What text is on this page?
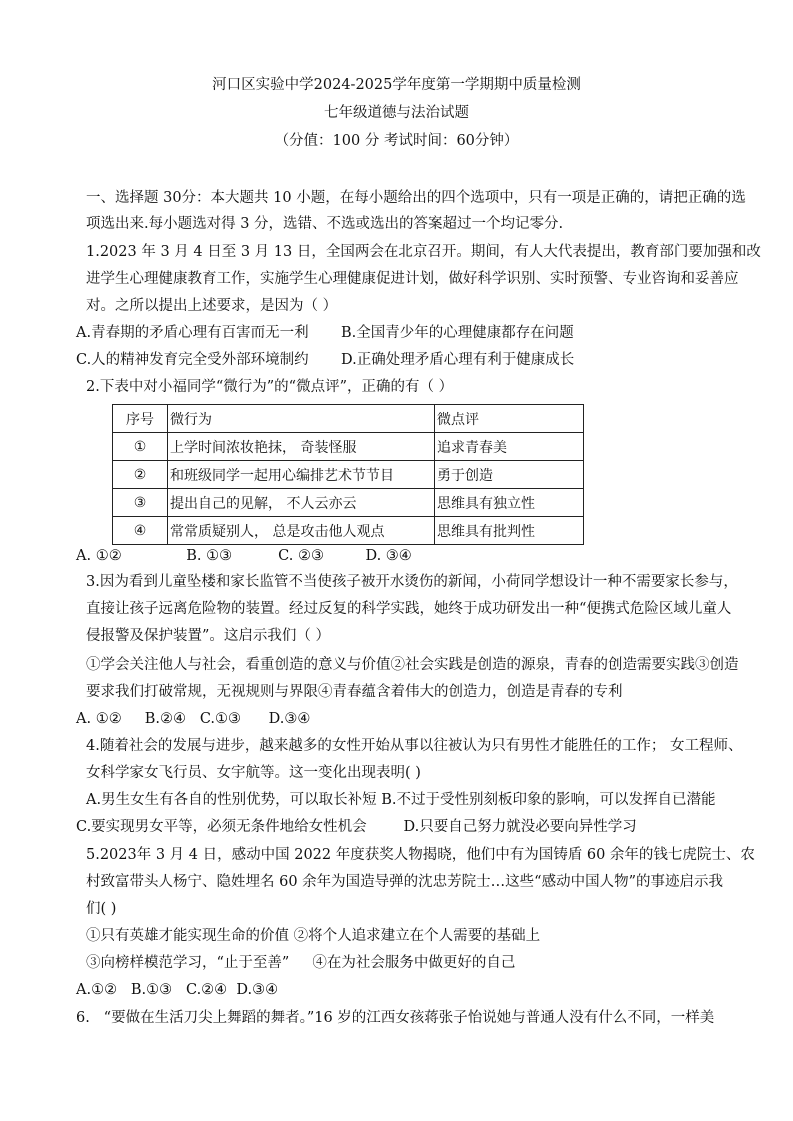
河口区实验中学2024-2025学年度第一学期期中质量检测
七年级道德与法治试题
（分值：100 分 考试时间：60分钟）
一、选择题 30分：本大题共 10 小题，在每小题给出的四个选项中，只有一项是正确的，请把正确的选
项选出来.每小题选对得 3 分，选错、不选或选出的答案超过一个均记零分.
1.2023 年 3 月 4 日至 3 月 13 日，全国两会在北京召开。期间，有人大代表提出，教育部门要加强和改
进学生心理健康教育工作，实施学生心理健康促进计划，做好科学识别、实时预警、专业咨询和妥善应
对。之所以提出上述要求，是因为（ ）
A.青春期的矛盾心理有百害而无一利 B.全国青少年的心理健康都存在问题
C.人的精神发育完全受外部环境制约 D.正确处理矛盾心理有利于健康成长
2.下表中对小福同学“微行为”的“微点评”，正确的有（ ）
序号	微行为	微点评
①	上学时间浓妆艳抹， 奇装怪服	追求青春美
②	和班级同学一起用心编排艺术节节目	勇于创造
③	提出自己的见解， 不人云亦云	思维具有独立性
④	常常质疑别人， 总是攻击他人观点	思维具有批判性
A. ①②              B. ①③          C. ②③         D. ③④
3.因为看到儿童坠楼和家长监管不当使孩子被开水烫伤的新闻，小荷同学想设计一种不需要家长参与，
直接让孩子远离危险物的装置。经过反复的科学实践，她终于成功研发出一种“便携式危险区域儿童人
侵报警及保护装置”。这启示我们（ ）
①学会关注他人与社会，看重创造的意义与价值②社会实践是创造的源泉，青春的创造需要实践③创造
要求我们打破常规，无视规则与界限④青春蕴含着伟大的创造力，创造是青春的专利
A. ①②     B.②④   C.①③      D.③④
4.随着社会的发展与进步，越来越多的女性开始从事以往被认为只有男性才能胜任的工作； 女工程师、
女科学家女飞行员、女宇航等。这一变化出现表明( )
A.男生女生有各自的性别优势，可以取长补短 B.不过于受性别刻板印象的影响，可以发挥自已潜能
C.要实现男女平等，必须无条件地给女性机会        D.只要自己努力就没必要向异性学习
5.2023年 3 月 4 日，感动中国 2022 年度获奖人物揭晓，他们中有为国铸盾 60 余年的钱七虎院士、农
村致富带头人杨宁、隐姓埋名 60 余年为国造导弹的沈忠芳院士…这些“感动中国人物”的事迹启示我
们( )
①只有英雄才能实现生命的价值 ②将个人追求建立在个人需要的基础上
③向榜样模范学习，“止于至善”     ④在为社会服务中做更好的自己
A.①②   B.①③   C.②④  D.③④
6.   “要做在生活刀尖上舞蹈的舞者。”16 岁的江西女孩蒋张子怡说她与普通人没有什么不同，一样美
